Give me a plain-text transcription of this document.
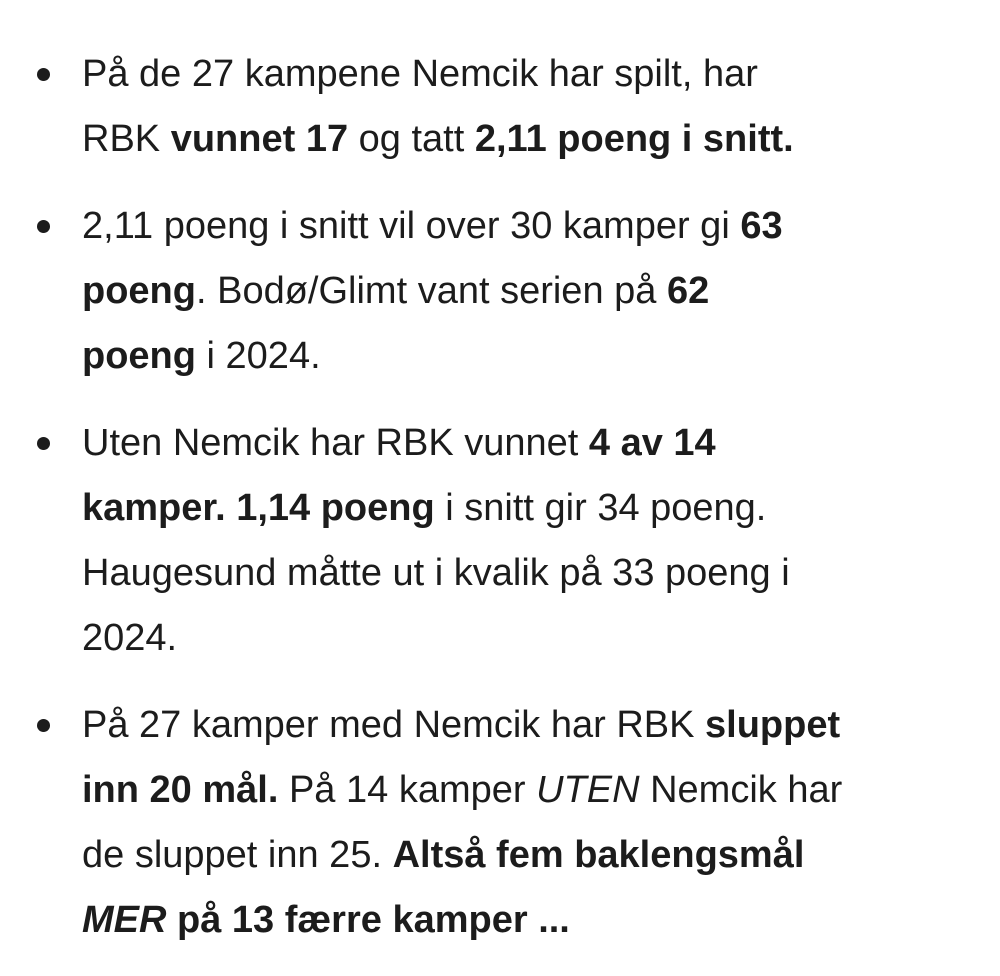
På de 27 kampene Nemcik har spilt, har
RBK vunnet 17 og tatt 2,11 poeng i snitt.
2,11 poeng i snitt vil over 30 kamper gi 63
poeng. Bodø/Glimt vant serien på 62
poeng i 2024.
Uten Nemcik har RBK vunnet 4 av 14
kamper. 1,14 poeng i snitt gir 34 poeng.
Haugesund måtte ut i kvalik på 33 poeng i
2024.
På 27 kamper med Nemcik har RBK sluppet
inn 20 mål. På 14 kamper UTEN Nemcik har
de sluppet inn 25. Altså fem baklengsmål
MER på 13 færre kamper ...
